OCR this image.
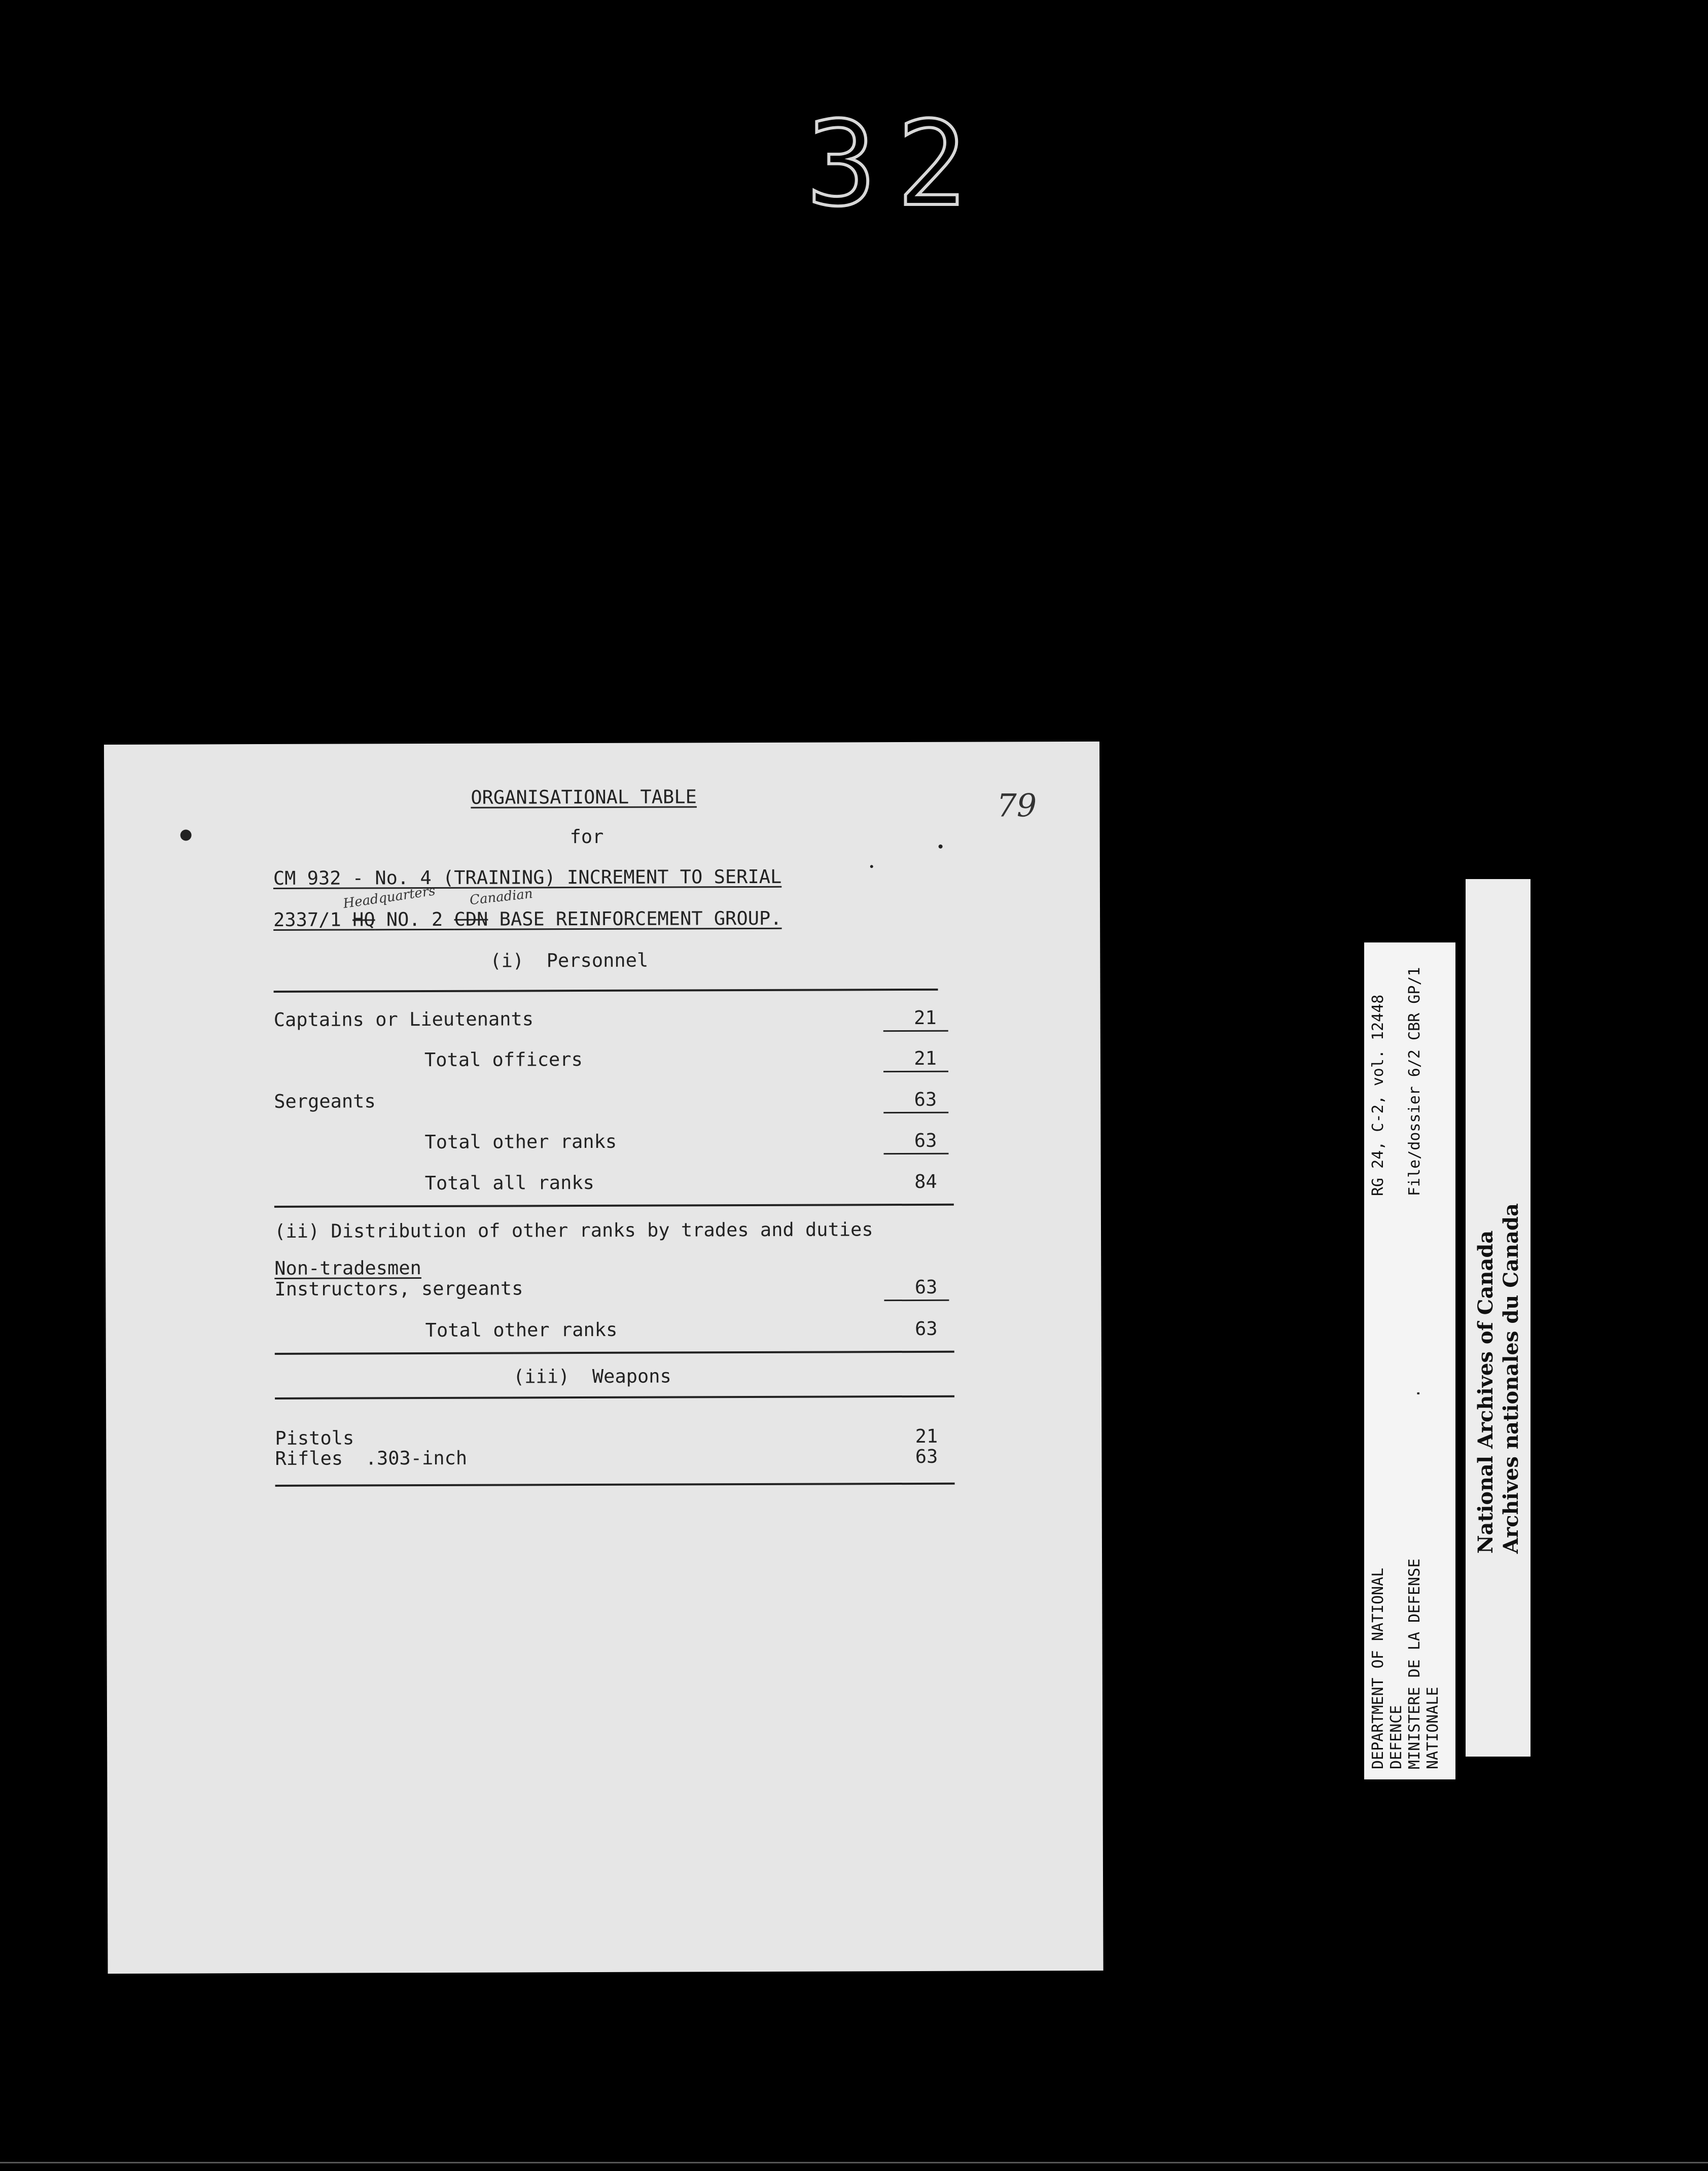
32
79
ORGANISATIONAL TABLE
for
CM 932 - No. 4 (TRAINING) INCREMENT TO SERIAL
Headquarters Canadian
2337/1 HQ NO. 2 CDN BASE REINFORCEMENT GROUP.
(i)  Personnel
Captains or Lieutenants	21
Total officers	21
Sergeants	63
Total other ranks	63
Total all ranks	84
(ii) Distribution of other ranks by trades and duties
Non-tradesmen
Instructors, sergeants	63
Total other ranks	63
(iii)  Weapons
Pistols	21
Rifles  .303-inch	63
DEPARTMENT OF NATIONAL DEFENCE MINISTERE DE LA DEFENSE NATIONALE
.
RG 24, C-2, vol. 12448 File/dossier 6/2 CBR GP/1
National Archives of Canada Archives nationales du Canada
